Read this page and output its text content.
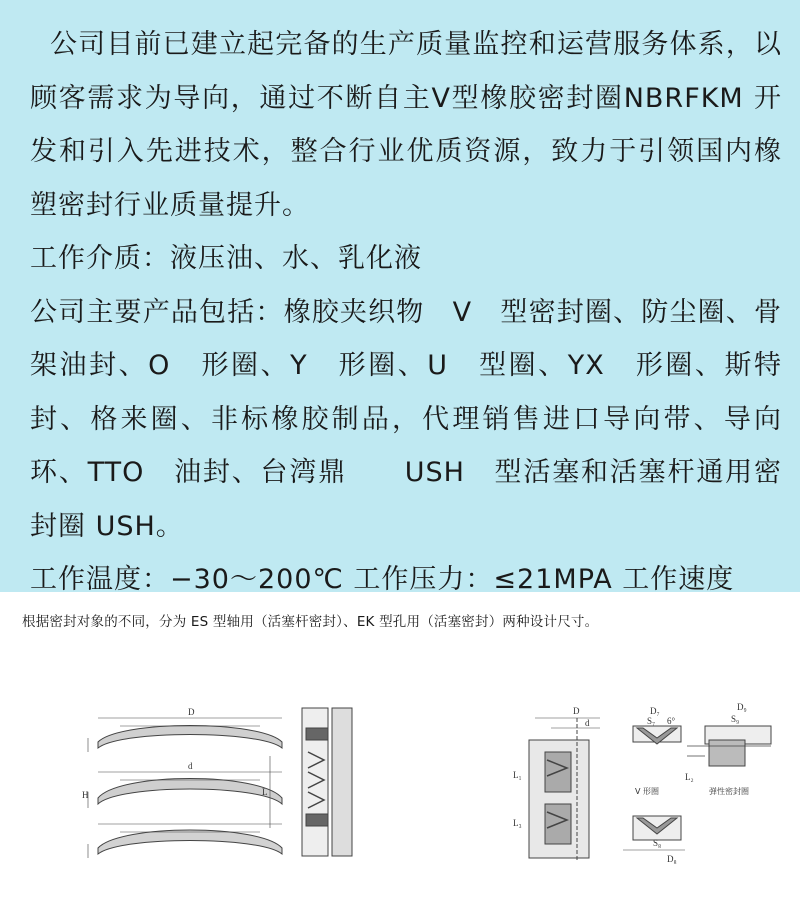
公司目前已建立起完备的生产质量监控和运营服务体系，以顾客需求为导向，通过不断自主V型橡胶密封圈NBRFKM 开发和引入先进技术，整合行业优质资源，致力于引领国内橡塑密封行业质量提升。

工作介质：液压油、水、乳化液

公司主要产品包括：橡胶夹织物　V　型密封圈、防尘圈、骨架油封、O　形圈、Y　形圈、U　型圈、YX　形圈、斯特封、格来圈、非标橡胶制品，代理销售进口导向带、导向环、TTO　油封、台湾鼎　　USH　型活塞和活塞杆通用密封圈 USH。

工作温度：−30～200℃ 工作压力：≤21MPA 工作速度

根据密封对象的不同，分为 ES 型轴用（活塞杆密封）、EK 型孔用（活塞密封）两种设计尺寸。
D
d
H	L
D
d
L₁
L₃
L₂
D₇	D₉
S₇	S₉
6°
V 形圈	弹性密封圈
S₈
D₈
